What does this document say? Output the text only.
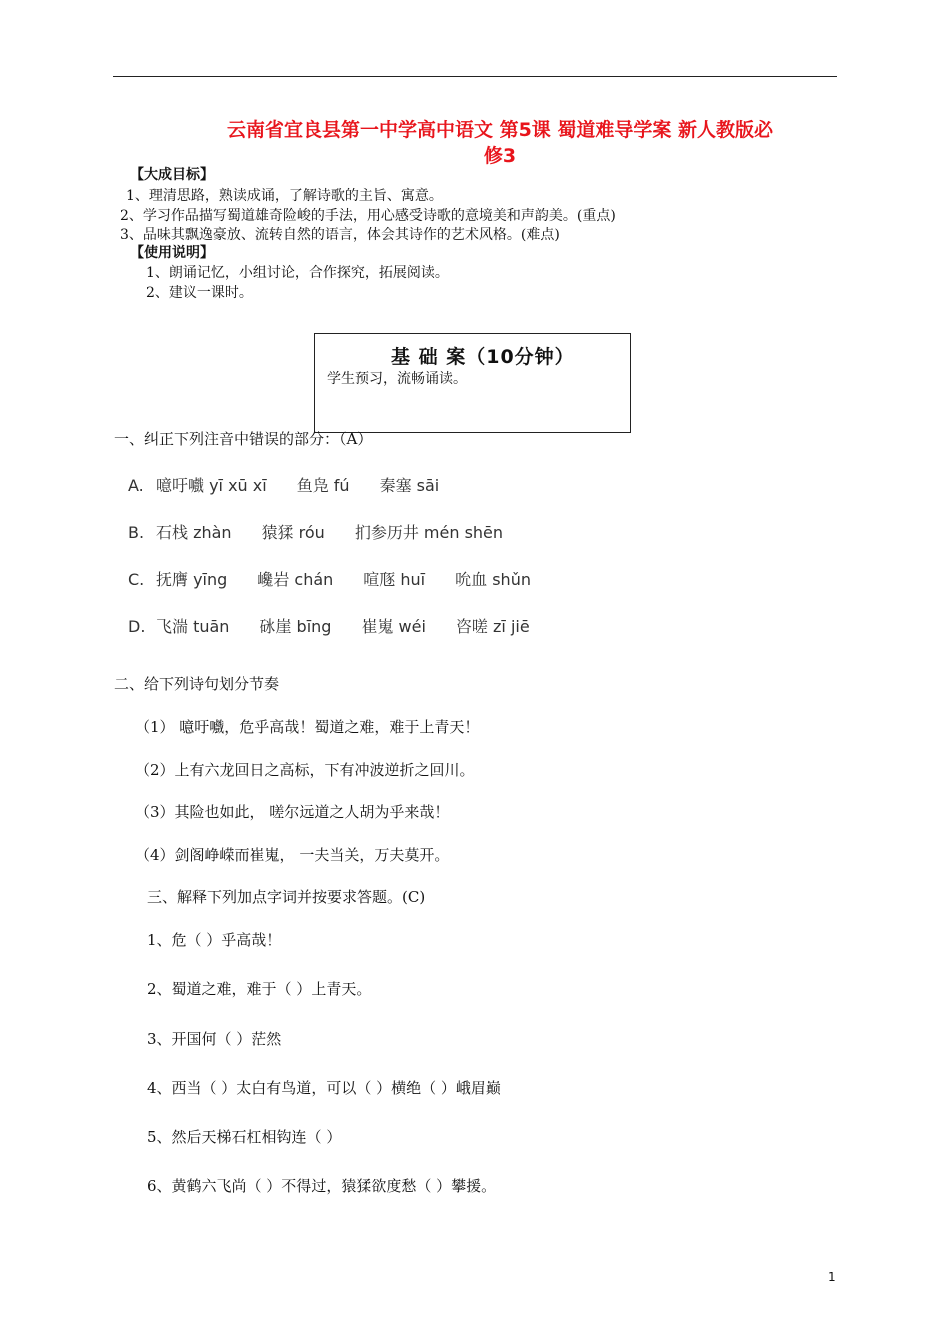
云南省宜良县第一中学高中语文 第5课 蜀道难导学案 新人教版必
修3
【大成目标】
1、理清思路，熟读成诵，了解诗歌的主旨、寓意。
2、学习作品描写蜀道雄奇险峻的手法，用心感受诗歌的意境美和声韵美。(重点)
3、品味其飘逸豪放、流转自然的语言，体会其诗作的艺术风格。(难点)
【使用说明】
1、朗诵记忆，小组讨论，合作探究，拓展阅读。
2、建议一课时。
基 础 案（10分钟）
学生预习，流畅诵读。
一、纠正下列注音中错误的部分：（A）
A. 噫吁嚱 yī xū xī 鱼凫 fú 秦塞 sāi
B. 石栈 zhàn 猿猱 róu 扪参历井 mén shēn
C. 抚膺 yīng 巉岩 chán 喧豗 huī 吮血 shǔn
D. 飞湍 tuān 砯崖 bīng 崔嵬 wéi 咨嗟 zī jiē
二、给下列诗句划分节奏
（1） 噫吁嚱，危乎高哉！蜀道之难，难于上青天！
（2）上有六龙回日之高标，下有冲波逆折之回川。
（3）其险也如此， 嗟尔远道之人胡为乎来哉！
（4）剑阁峥嵘而崔嵬， 一夫当关，万夫莫开。
三、解释下列加点字词并按要求答题。(C)
1、危（ ）乎高哉！
2、蜀道之难，难于（ ）上青天。
3、开国何（ ）茫然
4、西当（ ）太白有鸟道，可以（ ）横绝（ ）峨眉巅
5、然后天梯石杠相钩连（ ）
6、黄鹤六飞尚（ ）不得过，猿猱欲度愁（ ）攀援。
1
